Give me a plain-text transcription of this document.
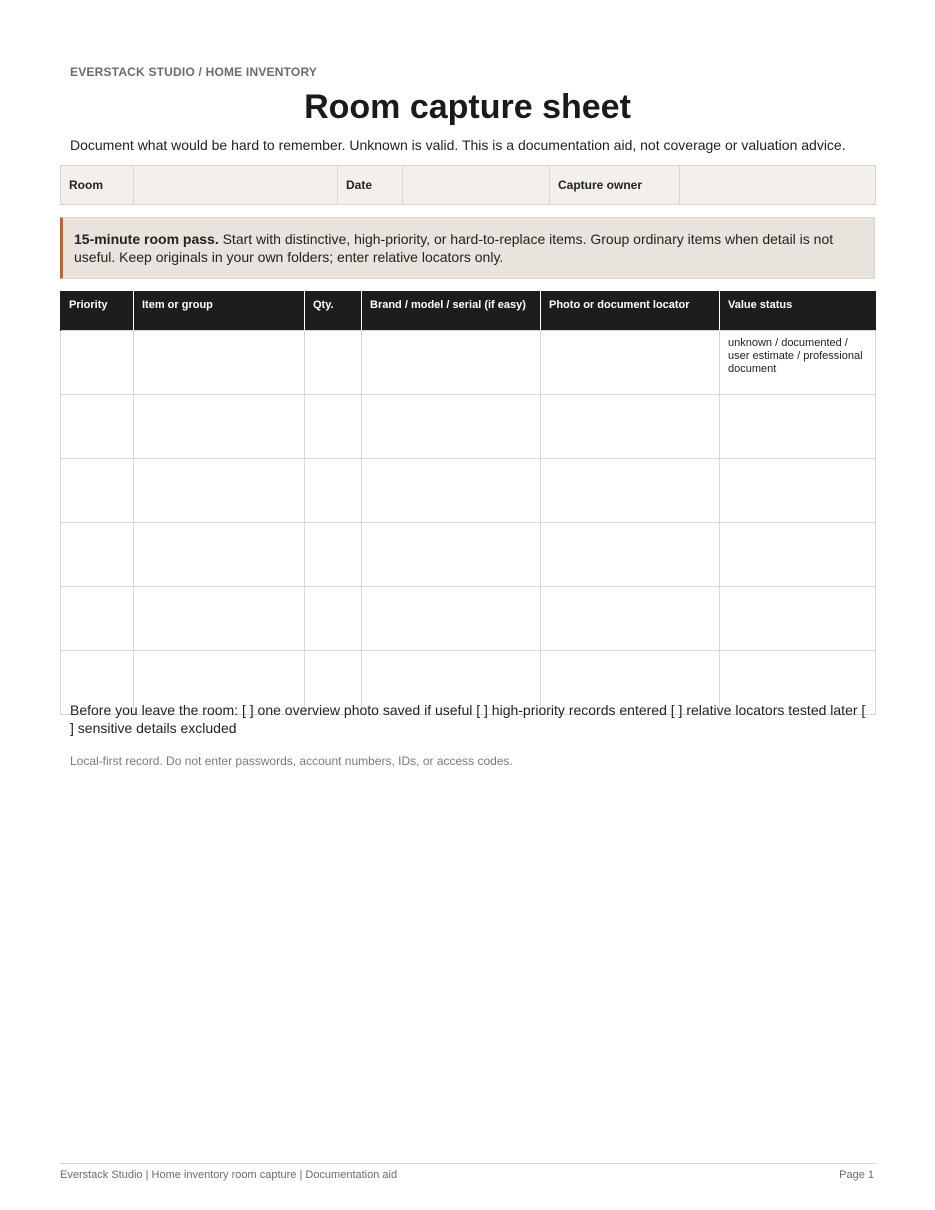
EVERSTACK STUDIO / HOME INVENTORY
Room capture sheet
Document what would be hard to remember. Unknown is valid. This is a documentation aid, not coverage or valuation advice.
Room		Date		Capture owner	
15-minute room pass. Start with distinctive, high-priority, or hard-to-replace items. Group ordinary items when detail is not useful. Keep originals in your own folders; enter relative locators only.
Priority	Item or group	Qty.	Brand / model / serial (if easy)	Photo or document locator	Value status
					unknown / documented / user estimate / professional document

Before you leave the room: [ ] one overview photo saved if useful [ ] high-priority records entered [ ] relative locators tested later [ ] sensitive details excluded
Local-first record. Do not enter passwords, account numbers, IDs, or access codes.
Everstack Studio | Home inventory room capture | Documentation aid	Page 1
